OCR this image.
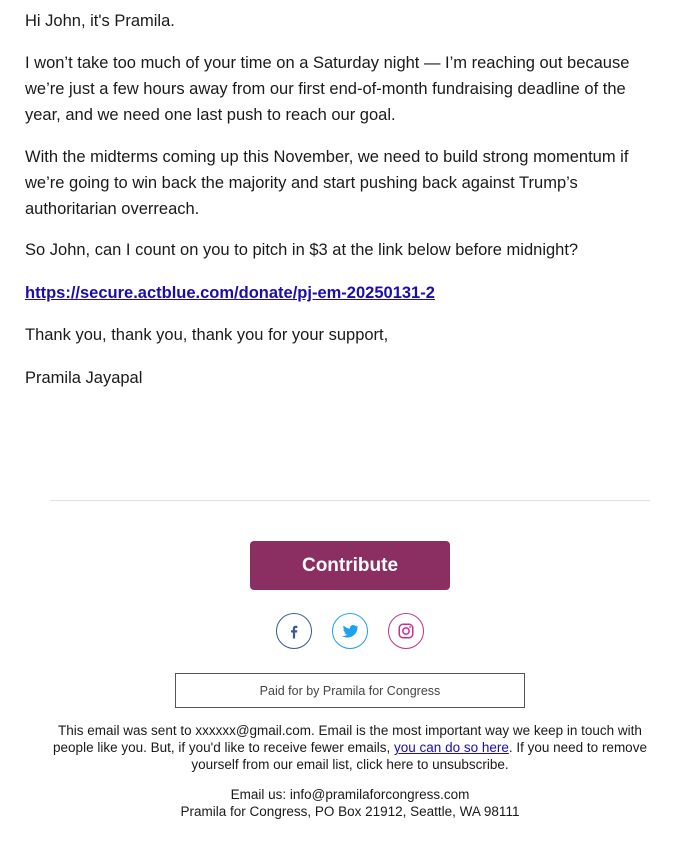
Hi John, it's Pramila.

I won’t take too much of your time on a Saturday night — I’m reaching out because we’re just a few hours away from our first end-of-month fundraising deadline of the year, and we need one last push to reach our goal.

With the midterms coming up this November, we need to build strong momentum if we’re going to win back the majority and start pushing back against Trump’s authoritarian overreach.

So John, can I count on you to pitch in $3 at the link below before midnight?

https://secure.actblue.com/donate/pj-em-20250131-2

Thank you, thank you, thank you for your support,

Pramila Jayapal

Contribute
Paid for by Pramila for Congress

This email was sent to xxxxxx@gmail.com. Email is the most important way we keep in touch with people like you. But, if you'd like to receive fewer emails, you can do so here. If you need to remove yourself from our email list, click here to unsubscribe.

Email us: info@pramilaforcongress.com
Pramila for Congress, PO Box 21912, Seattle, WA 98111
